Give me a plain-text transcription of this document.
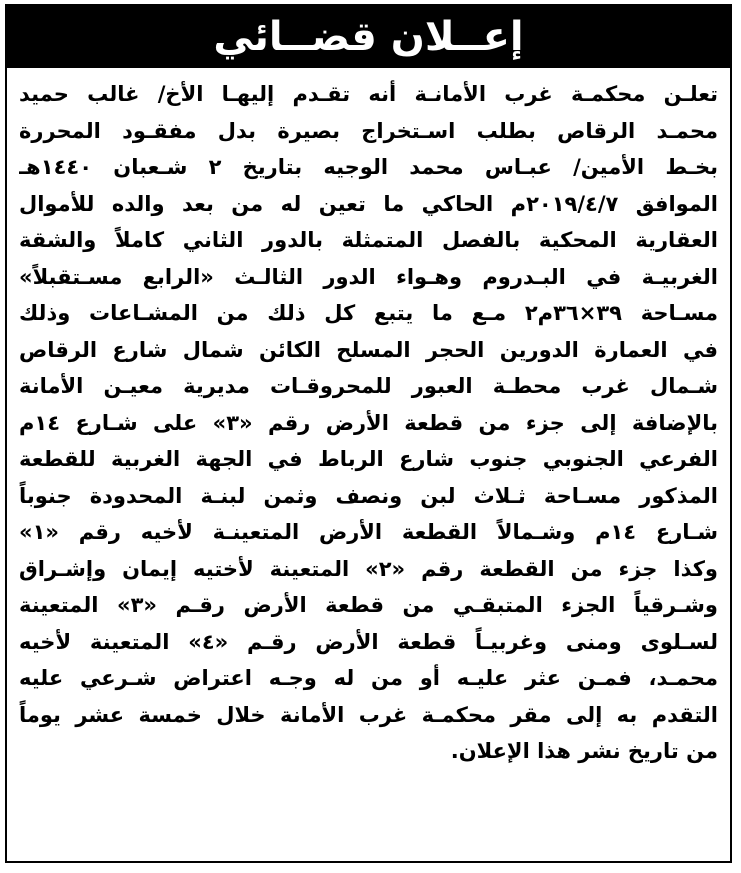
إعــلان قضــائي
تعلـن محكمـة غرب الأمانـة أنه تقـدم إليهـا الأخ/ غالب حميد
محمـد الرقاص بطلب اسـتخراج بصيرة بدل مفقـود المحررة
بخـط الأمين/ عبـاس محمد الوجيه بتاريخ ٢ شـعبان ١٤٤٠هـ
الموافق ٢٠١٩/٤/٧م الحاكي ما تعين له من بعد والده للأموال
العقارية المحكية بالفصل المتمثلة بالدور الثاني كاملاً والشقة
الغربيـة في البـدروم وهـواء الدور الثالـث «الرابع مسـتقبلاً»
مسـاحة ٣٩×٣٦م٢ مـع ما يتبع كل ذلك من المشـاعات وذلك
في العمارة الدورين الحجر المسلح الكائن شمال شارع الرقاص
شـمال غرب محطـة العبور للمحروقـات مديرية معيـن الأمانة
بالإضافة إلى جزء من قطعة الأرض رقم «٣» على شـارع ١٤م
الفرعي الجنوبي جنوب شارع الرباط في الجهة الغربية للقطعة
المذكور مسـاحة ثـلاث لبن ونصف وثمن لبنـة المحدودة جنوباً
شـارع ١٤م وشـمالاً القطعة الأرض المتعينـة لأخيه رقم «١»
وكذا جزء من القطعة رقم «٢» المتعينة لأختيه إيمان وإشـراق
وشـرقياً الجزء المتبقـي من قطعة الأرض رقـم «٣» المتعينة
لسـلوى ومنى وغربيـاً قطعة الأرض رقـم «٤» المتعينة لأخيه
محمـد، فمـن عثر عليـه أو من له وجـه اعتراض شـرعي عليه
التقدم به إلى مقر محكمـة غرب الأمانة خلال خمسة عشر يوماً
من تاريخ نشر هذا الإعلان.
